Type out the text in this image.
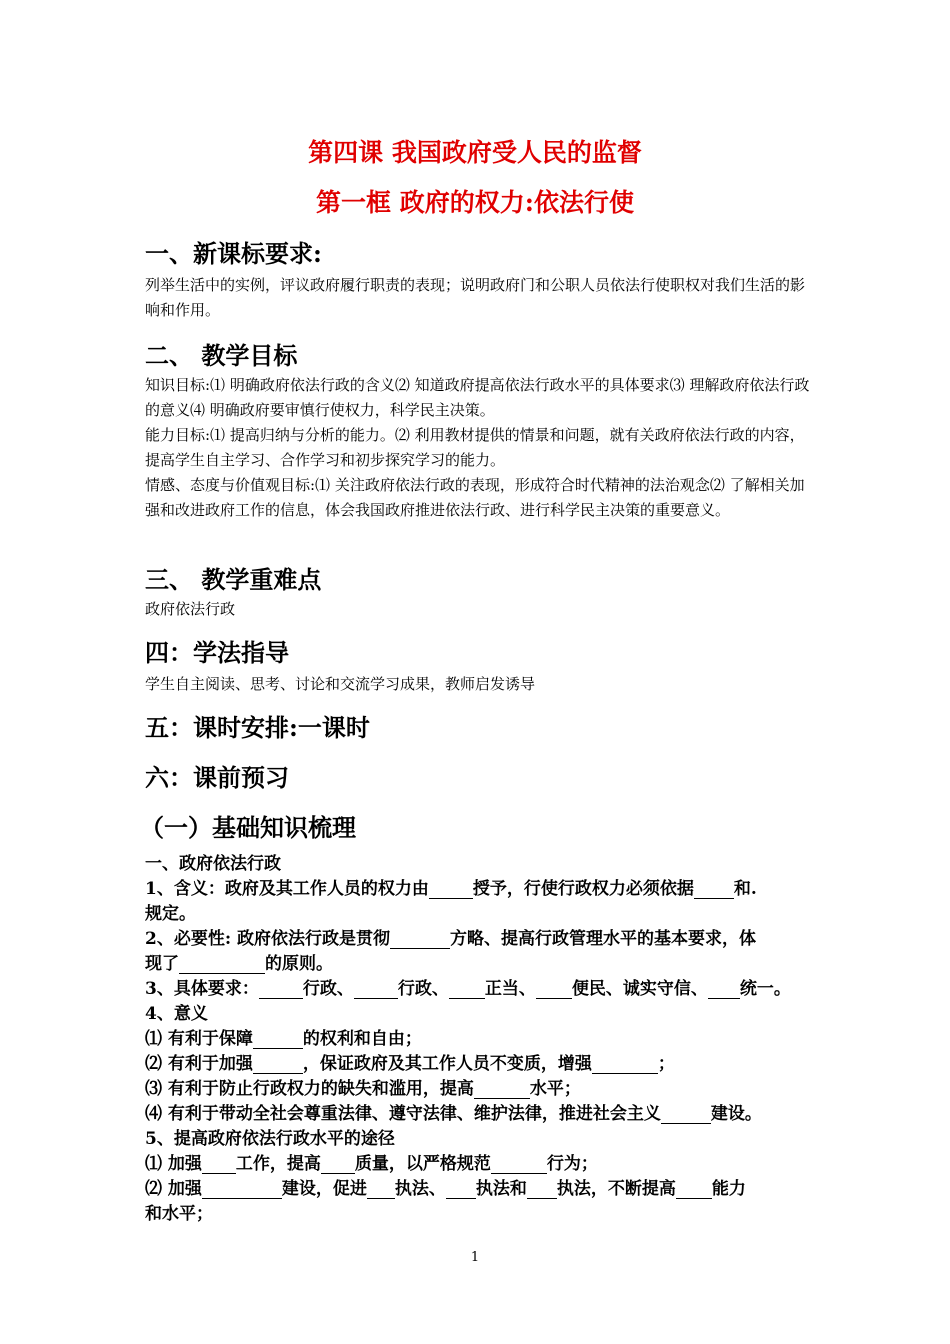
第四课 我国政府受人民的监督
第一框 政府的权力:依法行使
一、新课标要求:
列举生活中的实例，评议政府履行职责的表现；说明政府门和公职人员依法行使职权对我们生活的影响和作用。
二、 教学目标
知识目标:⑴ 明确政府依法行政的含义⑵ 知道政府提高依法行政水平的具体要求⑶ 理解政府依法行政的意义⑷ 明确政府要审慎行使权力，科学民主决策。
能力目标:⑴ 提高归纳与分析的能力。⑵ 利用教材提供的情景和问题，就有关政府依法行政的内容，提高学生自主学习、合作学习和初步探究学习的能力。
情感、态度与价值观目标:⑴ 关注政府依法行政的表现，形成符合时代精神的法治观念⑵ 了解相关加强和改进政府工作的信息，体会我国政府推进依法行政、进行科学民主决策的重要意义。
三、 教学重难点
政府依法行政
四：学法指导
学生自主阅读、思考、讨论和交流学习成果，教师启发诱导
五：课时安排:一课时
六：课前预习
（一）基础知识梳理
一、政府依法行政
1、含义：政府及其工作人员的权力由	授予，行使行政权力必须依据 和.
规定。
2、必要性: 政府依法行政是贯彻	方略、提高行政管理水平的基本要求，体
现了	的原则。
3、具体要求：	行政、	行政、 正当、 便民、诚实守信、 统一。
4、意义
⑴ 有利于保障	的权利和自由；
⑵ 有利于加强	，保证政府及其工作人员不变质，增强	；
⑶ 有利于防止行政权力的缺失和滥用，提高	水平；
⑷ 有利于带动全社会尊重法律、遵守法律、维护法律，推进社会主义	建设。
5、提高政府依法行政水平的途径
⑴ 加强 工作，提高 质量，以严格规范	行为；
⑵ 加强	建设，促进 执法、 执法和 执法，不断提高 能力
和水平；
1
